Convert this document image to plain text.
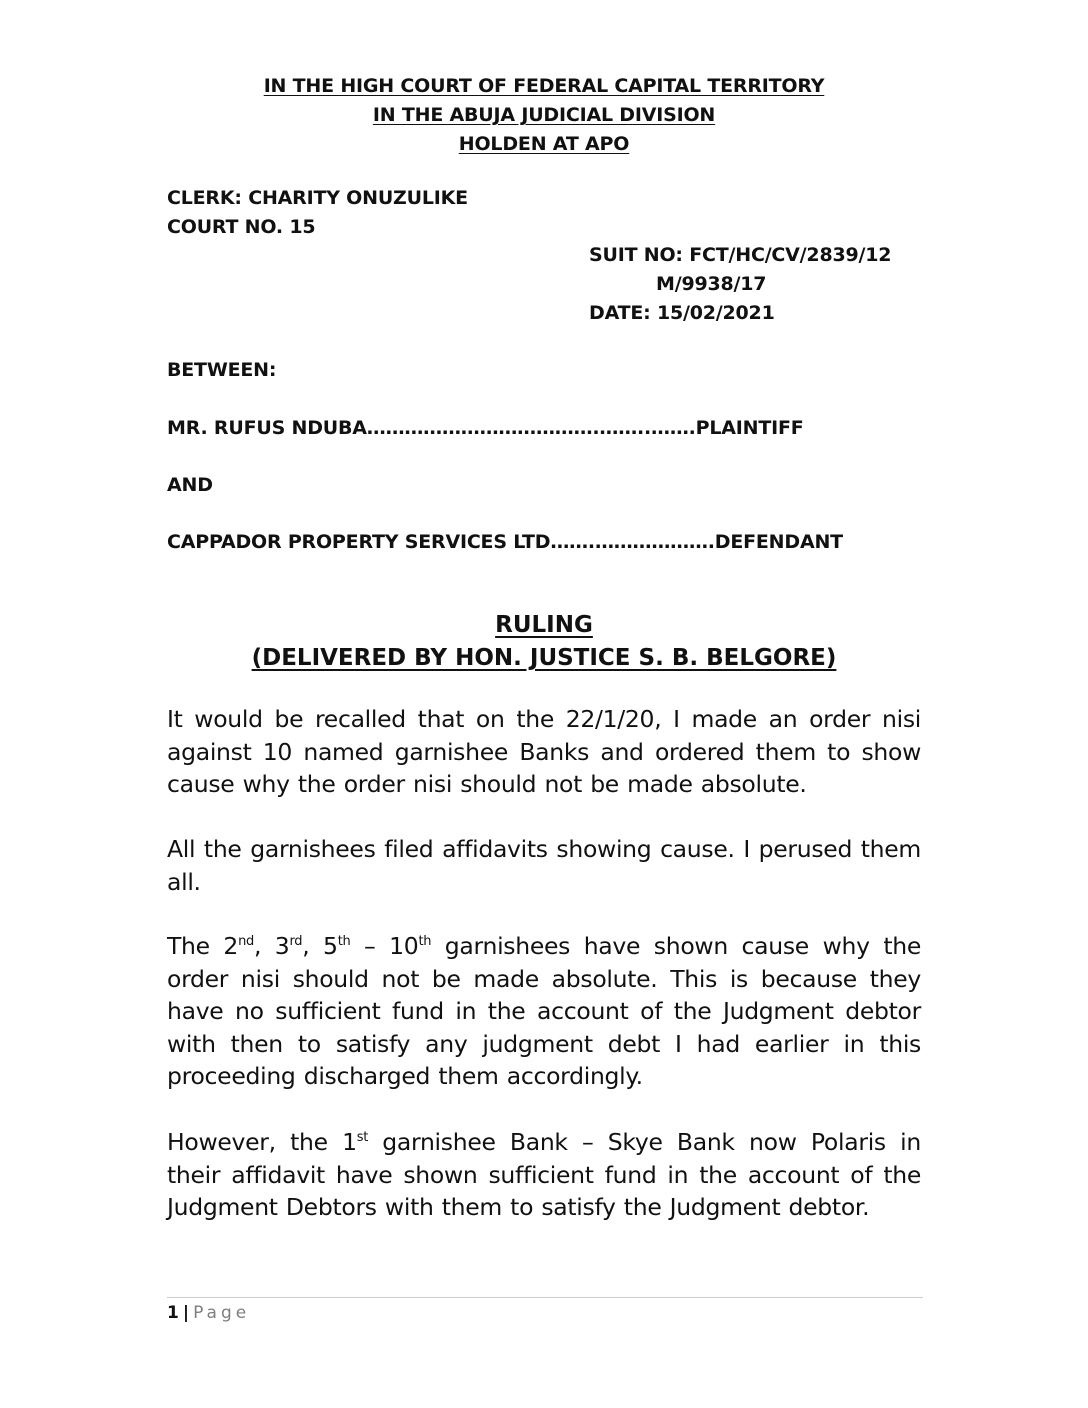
IN THE HIGH COURT OF FEDERAL CAPITAL TERRITORY
IN THE ABUJA JUDICIAL DIVISION
HOLDEN AT APO
CLERK: CHARITY ONUZULIKE
COURT NO. 15
SUIT NO: FCT/HC/CV/2839/12
M/9938/17
DATE: 15/02/2021
BETWEEN:
MR. RUFUS NDUBA……………………………….……..…….PLAINTIFF
AND
CAPPADOR PROPERTY SERVICES LTD…….……………….DEFENDANT
RULING
(DELIVERED BY HON. JUSTICE S. B. BELGORE)

It would be recalled that on the 22/1/20, I made an order nisi against 10 named garnishee Banks and ordered them to show cause why the order nisi should not be made absolute.

All the garnishees filed affidavits showing cause. I perused them all.

The 2nd, 3rd, 5th – 10th garnishees have shown cause why the order nisi should not be made absolute. This is because they have no sufficient fund in the account of the Judgment debtor with then to satisfy any judgment debt I had earlier in this proceeding discharged them accordingly.

However, the 1st garnishee Bank – Skye Bank now Polaris in their affidavit have shown sufficient fund in the account of the Judgment Debtors with them to satisfy the Judgment debtor.

1 | Page
